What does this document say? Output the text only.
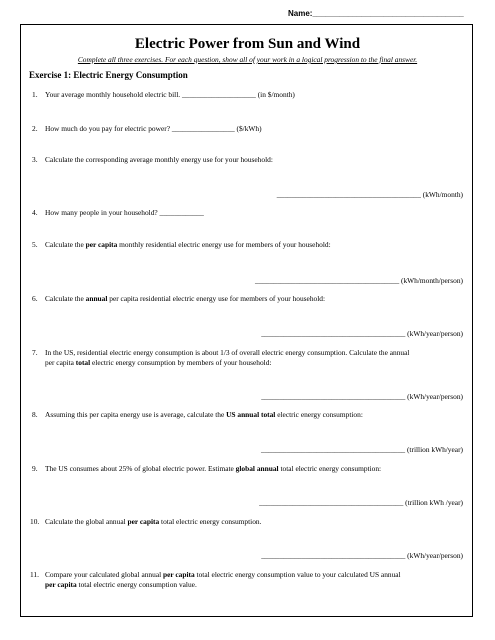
Name:__________________________________
Electric Power from Sun and Wind
Complete all three exercises. For each question, show all of your work in a logical progression to the final answer.
Exercise 1: Electric Energy Consumption
1. Your average monthly household electric bill. ____________________ (in $/month)
2. How much do you pay for electric power? _________________ ($/kWh)
3. Calculate the corresponding average monthly energy use for your household:
_______________________________________ (kWh/month)
4. How many people in your household? ____________
5. Calculate the per capita monthly residential electric energy use for members of your household:
_______________________________________ (kWh/month/person)
6. Calculate the annual per capita residential electric energy use for members of your household:
_______________________________________ (kWh/year/person)
7. In the US, residential electric energy consumption is about 1/3 of overall electric energy consumption. Calculate the annual
per capita total electric energy consumption by members of your household:
_______________________________________ (kWh/year/person)
8. Assuming this per capita energy use is average, calculate the US annual total electric energy consumption:
_______________________________________ (trillion kWh/year)
9. The US consumes about 25% of global electric power. Estimate global annual total electric energy consumption:
_______________________________________ (trillion kWh /year)
10. Calculate the global annual per capita total electric energy consumption.
_______________________________________ (kWh/year/person)
11. Compare your calculated global annual per capita total electric energy consumption value to your calculated US annual
per capita total electric energy consumption value.
